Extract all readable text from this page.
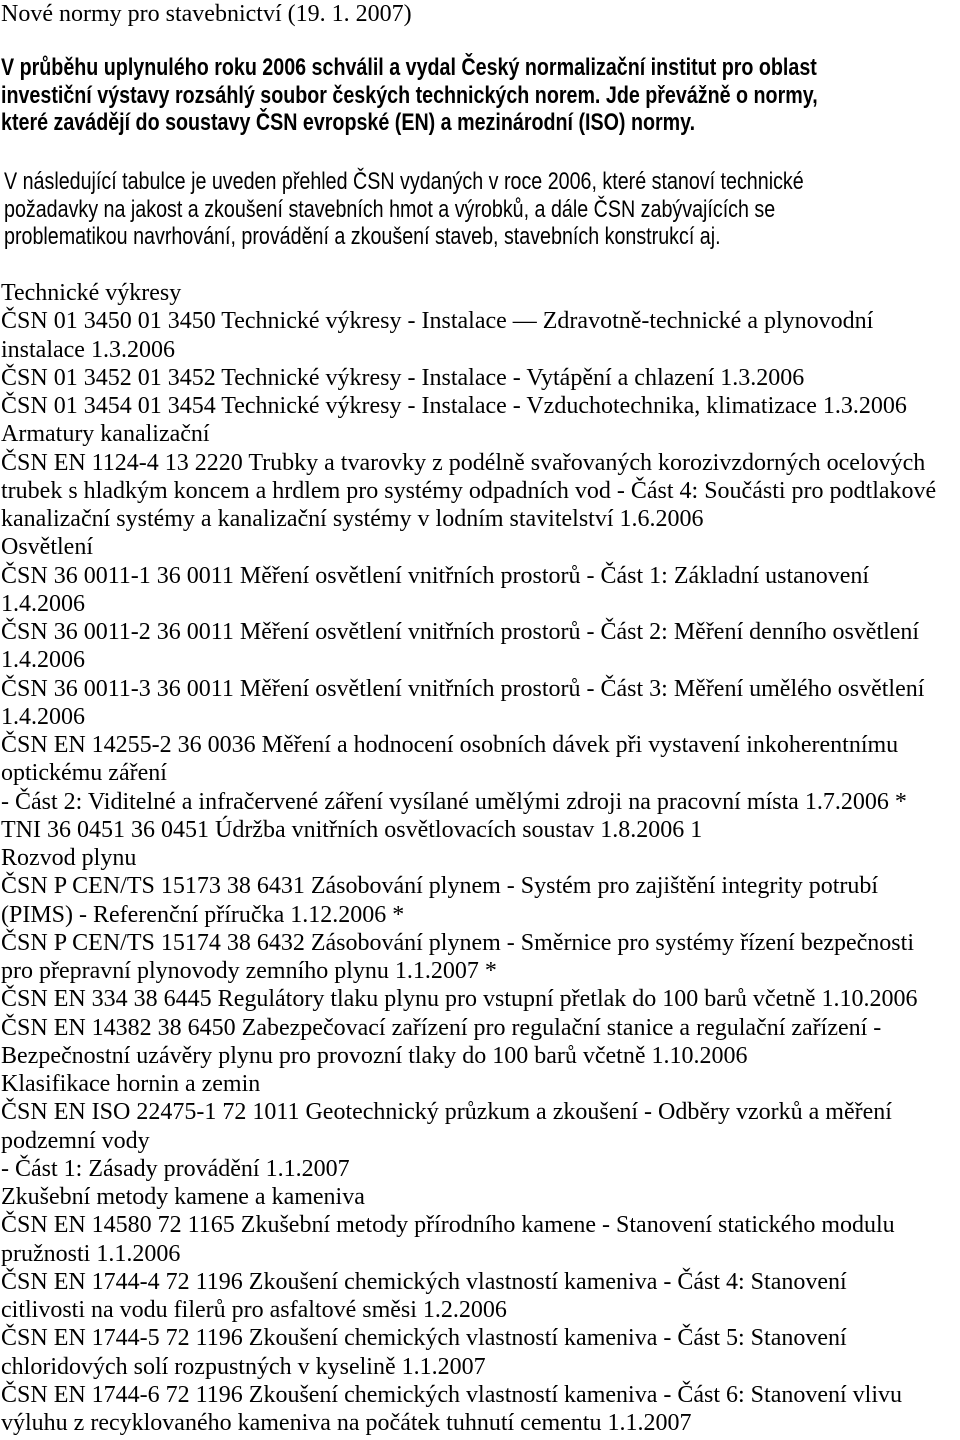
Nové normy pro stavebnictví (19. 1. 2007)
V průběhu uplynulého roku 2006 schválil a vydal Český normalizační institut pro oblast
investiční výstavy rozsáhlý soubor českých technických norem. Jde převážně o normy,
které zavádějí do soustavy ČSN evropské (EN) a mezinárodní (ISO) normy.
V následující tabulce je uveden přehled ČSN vydaných v roce 2006, které stanoví technické
požadavky na jakost a zkoušení stavebních hmot a výrobků, a dále ČSN zabývajících se
problematikou navrhování, provádění a zkoušení staveb, stavebních konstrukcí aj.
Technické výkresy
ČSN 01 3450 01 3450 Technické výkresy - Instalace — Zdravotně-technické a plynovodní
instalace 1.3.2006
ČSN 01 3452 01 3452 Technické výkresy - Instalace - Vytápění a chlazení 1.3.2006
ČSN 01 3454 01 3454 Technické výkresy - Instalace - Vzduchotechnika, klimatizace 1.3.2006
Armatury kanalizační
ČSN EN 1124-4 13 2220 Trubky a tvarovky z podélně svařovaných korozivzdorných ocelových
trubek s hladkým koncem a hrdlem pro systémy odpadních vod - Část 4: Součásti pro podtlakové
kanalizační systémy a kanalizační systémy v lodním stavitelství 1.6.2006
Osvětlení
ČSN 36 0011-1 36 0011 Měření osvětlení vnitřních prostorů - Část 1: Základní ustanovení
1.4.2006
ČSN 36 0011-2 36 0011 Měření osvětlení vnitřních prostorů - Část 2: Měření denního osvětlení
1.4.2006
ČSN 36 0011-3 36 0011 Měření osvětlení vnitřních prostorů - Část 3: Měření umělého osvětlení
1.4.2006
ČSN EN 14255-2 36 0036 Měření a hodnocení osobních dávek při vystavení inkoherentnímu
optickému záření
- Část 2: Viditelné a infračervené záření vysílané umělými zdroji na pracovní místa 1.7.2006 *
TNI 36 0451 36 0451 Údržba vnitřních osvětlovacích soustav 1.8.2006 1
Rozvod plynu
ČSN P CEN/TS 15173 38 6431 Zásobování plynem - Systém pro zajištění integrity potrubí
(PIMS) - Referenční příručka 1.12.2006 *
ČSN P CEN/TS 15174 38 6432 Zásobování plynem - Směrnice pro systémy řízení bezpečnosti
pro přepravní plynovody zemního plynu 1.1.2007 *
ČSN EN 334 38 6445 Regulátory tlaku plynu pro vstupní přetlak do 100 barů včetně 1.10.2006
ČSN EN 14382 38 6450 Zabezpečovací zařízení pro regulační stanice a regulační zařízení -
Bezpečnostní uzávěry plynu pro provozní tlaky do 100 barů včetně 1.10.2006
Klasifikace hornin a zemin
ČSN EN ISO 22475-1 72 1011 Geotechnický průzkum a zkoušení - Odběry vzorků a měření
podzemní vody
- Část 1: Zásady provádění 1.1.2007
Zkušební metody kamene a kameniva
ČSN EN 14580 72 1165 Zkušební metody přírodního kamene - Stanovení statického modulu
pružnosti 1.1.2006
ČSN EN 1744-4 72 1196 Zkoušení chemických vlastností kameniva - Část 4: Stanovení
citlivosti na vodu filerů pro asfaltové směsi 1.2.2006
ČSN EN 1744-5 72 1196 Zkoušení chemických vlastností kameniva - Část 5: Stanovení
chloridových solí rozpustných v kyselině 1.1.2007
ČSN EN 1744-6 72 1196 Zkoušení chemických vlastností kameniva - Část 6: Stanovení vlivu
výluhu z recyklovaného kameniva na počátek tuhnutí cementu 1.1.2007
